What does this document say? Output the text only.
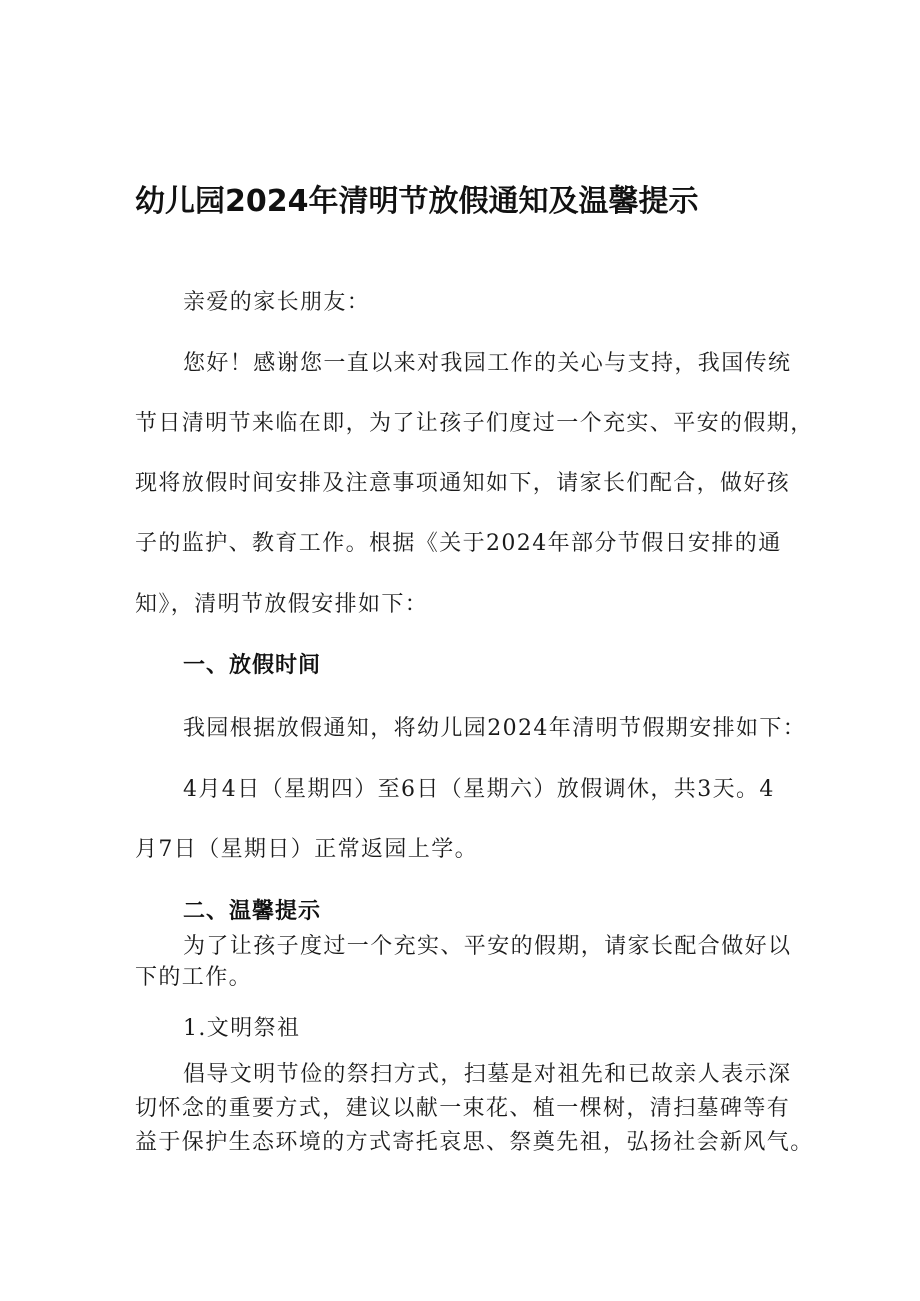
幼儿园2024年清明节放假通知及温馨提示

亲爱的家长朋友：

您好！感谢您一直以来对我园工作的关心与支持，我国传统

节日清明节来临在即，为了让孩子们度过一个充实、平安的假期，

现将放假时间安排及注意事项通知如下，请家长们配合，做好孩

子的监护、教育工作。根据《关于2024年部分节假日安排的通

知》，清明节放假安排如下：

一、放假时间

我园根据放假通知，将幼儿园2024年清明节假期安排如下：

4月4日（星期四）至6日（星期六）放假调休，共3天。4

月7日（星期日）正常返园上学。

二、温馨提示

为了让孩子度过一个充实、平安的假期，请家长配合做好以

下的工作。

1.文明祭祖

倡导文明节俭的祭扫方式，扫墓是对祖先和已故亲人表示深

切怀念的重要方式，建议以献一束花、植一棵树，清扫墓碑等有

益于保护生态环境的方式寄托哀思、祭奠先祖，弘扬社会新风气。
